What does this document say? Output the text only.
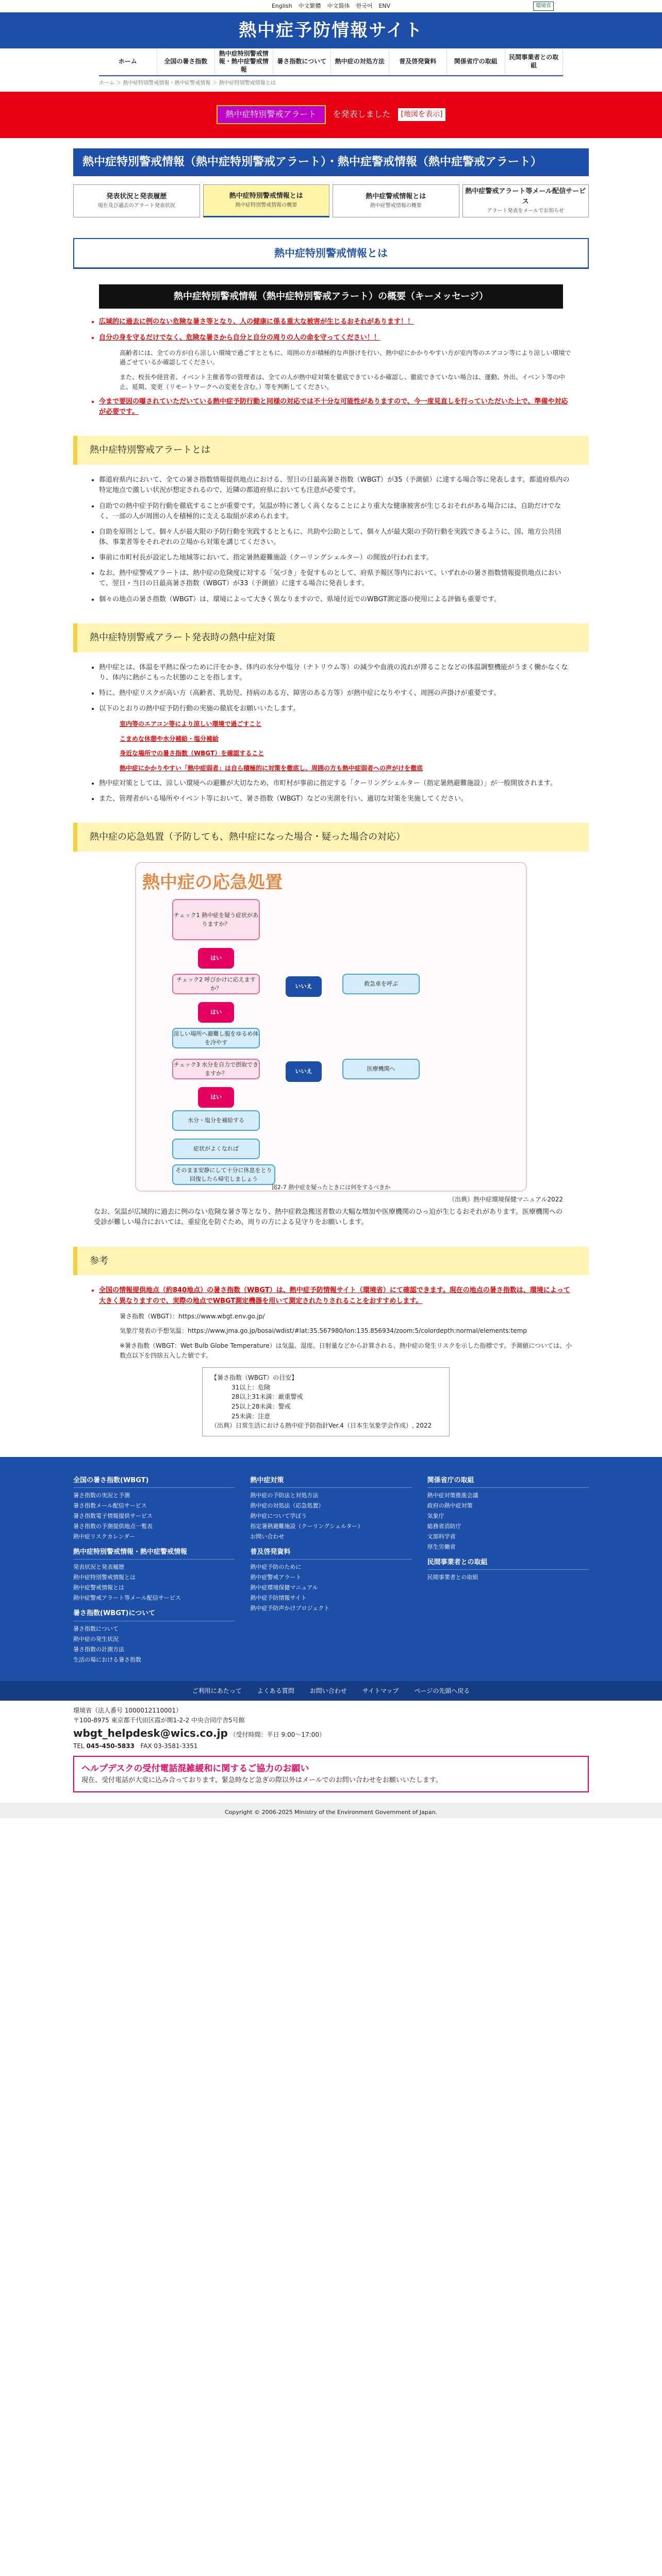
English 中文繁體 中文简体 한국어 ENV	環境省
熱中症予防情報サイト
ホーム	全国の暑さ指数
熱中症特別警戒情報・熱中症警戒情報
暑さ指数について	熱中症の対処方法	普及啓発資料	関係省庁の取組
民間事業者との取組
ホーム ＞ 熱中症特別警戒情報・熱中症警戒情報 ＞ 熱中症特別警戒情報とは
熱中症特別警戒アラート	を発表しました	[地図を表示]
熱中症特別警戒情報（熱中症特別警戒アラート）・熱中症警戒情報（熱中症警戒アラート）
発表状況と発表履歴
現在及び過去のアラート発表状況
熱中症特別警戒情報とは
熱中症特別警戒情報の概要
熱中症警戒情報とは
熱中症警戒情報の概要
熱中症警戒アラート等メール配信サービス
アラート発表をメールでお知らせ
熱中症特別警戒情報とは
熱中症特別警戒情報（熱中症特別警戒アラート）の概要（キーメッセージ）
• 広域的に過去に例のない危険な暑さ等となり、人の健康に係る重大な被害が生じるおそれがあります！！
• 自分の身を守るだけでなく、危険な暑さから自分と自分の周りの人の命を守ってください！！
高齢者には、全ての方が自ら涼しい環境で過ごすとともに、周囲の方が積極的な声掛けを行い、熱中症にかかりやすい方が室内等のエアコン等により涼しい環境で過ごせているか確認してください。
また、校長や経営者、イベント主催者等の管理者は、全ての人が熱中症対策を徹底できているか確認し、徹底できていない場合は、運動、外出、イベント等の中止、延期、変更（リモートワークへの変更を含む。）等を判断してください。
• 今まで要因の曝されていただいている熱中症予防行動と同様の対応では不十分な可能性がありますので、今一度見直しを行っていただいた上で、準備や対応が必要です。
熱中症特別警戒アラートとは
• 都道府県内において、全ての暑さ指数情報提供地点における、翌日の日最高暑さ指数（WBGT）が35（予測値）に達する場合等に発表します。都道府県内の特定地点で激しい状況が想定されるので、近隣の都道府県においても注意が必要です。
• 自助での熱中症予防行動を徹底することが重要です。気温が特に著しく高くなることにより重大な健康被害が生じるおそれがある場合には、自助だけでなく、一部の人が周囲の人を積極的に支える取組が求められます。
• 自助を原則として、個々人が最大限の予防行動を実践するとともに、共助や公助として、個々人が最大限の予防行動を実践できるように、国、地方公共団体、事業者等をそれぞれの立場から対策を講じてください。
• 事前に市町村長が設定した地域等において、指定暑熱避難施設（クーリングシェルター）の開放が行われます。
• なお、熱中症警戒アラートは、熱中症の危険度に対する「気づき」を促すものとして、府県予報区等内において、いずれかの暑さ指数情報提供地点において、翌日・当日の日最高暑さ指数（WBGT）が33（予測値）に達する場合に発表します。
• 個々の地点の暑さ指数（WBGT）は、環境によって大きく異なりますので、県境付近でのWBGT測定器の使用による評価も重要です。
熱中症特別警戒アラート発表時の熱中症対策
• 熱中症とは、体温を平熱に保つために汗をかき、体内の水分や塩分（ナトリウム等）の減少や血液の流れが滞ることなどの体温調整機能がうまく働かなくなり、体内に熱がこもった状態のことを指します。
• 特に、熱中症リスクが高い方（高齢者、乳幼児、持病のある方、障害のある方等）が熱中症になりやすく、周囲の声掛けが重要です。
• 以下のとおりの熱中症予防行動の実施の徹底をお願いいたします。
室内等のエアコン等により涼しい環境で過ごすこと
こまめな休憩や水分補給・塩分補給
身近な場所での暑さ指数（WBGT）を確認すること
熱中症にかかりやすい「熱中症弱者」は自ら積極的に対策を徹底し、周囲の方も熱中症弱者への声がけを徹底
• 熱中症対策としては、涼しい環境への避難が大切なため、市町村が事前に指定する「クーリングシェルター（指定暑熱避難施設）」が一般開放されます。
• また、管理者がいる場所やイベント等において、暑さ指数（WBGT）などの実測を行い、適切な対策を実施してください。
熱中症の応急処置（予防しても、熱中症になった場合・疑った場合の対応）
熱中症の応急処置
チェック1 熱中症を疑う症状がありますか？
はい
チェック2 呼びかけに応えますか？	いいえ	救急車を呼ぶ
はい
涼しい場所へ避難し服をゆるめ体を冷やす
チェック3 水分を自力で摂取できますか？	いいえ	医療機関へ
はい
水分・塩分を補給する
症状がよくなれば
そのまま安静にして十分に休息をとり回復したら帰宅しましょう
図2-7 熱中症を疑ったときには何をするべきか
（出典）熱中症環境保健マニュアル2022

なお、気温が広域的に過去に例のない危険な暑さ等となり、熱中症救急搬送者数の大幅な増加や医療機関のひっ迫が生じるおそれがあります。医療機関への受診が難しい場合においては、重症化を防ぐため、周りの方による見守りをお願いします。

参考
• 全国の情報提供地点（約840地点）の暑さ指数（WBGT）は、熱中症予防情報サイト（環境省）にて確認できます。現在の地点の暑さ指数は、環境によって大きく異なりますので、実際の地点でWBGT測定機器を用いて測定されたりされることをおすすめします。
暑さ指数（WBGT）：https://www.wbgt.env.go.jp/
気象庁発表の予想気温：https://www.jma.go.jp/bosai/wdist/#lat:35.567980/lon:135.856934/zoom:5/colordepth:normal/elements:temp
※暑さ指数（WBGT：Wet Bulb Globe Temperature）は気温、湿度、日射量などから計算される、熱中症の発生リスクを示した指標です。予測値については、小数点以下を四捨五入した値です。
【暑さ指数（WBGT）の目安】
31以上：危険
28以上31未満：厳重警戒
25以上28未満：警戒
25未満：注意
（出典）日常生活における熱中症予防指針Ver.4（日本生気象学会作成）, 2022
全国の暑さ指数(WBGT)
暑さ指数の実況と予測
暑さ指数メール配信サービス
暑さ指数電子情報提供サービス
暑さ指数の予測提供地点一覧表
熱中症リスクカレンダー
熱中症特別警戒情報・熱中症警戒情報
発表状況と発表履歴
熱中症特別警戒情報とは
熱中症警戒情報とは
熱中症警戒アラート等メール配信サービス
暑さ指数(WBGT)について
暑さ指数について
熱中症の発生状況
暑さ指数の計測方法
生活の場における暑さ指数
熱中症対策
熱中症の予防法と対処方法
熱中症の対処法（応急処置）
熱中症について学ぼう
指定暑熱避難施設（クーリングシェルター）
お問い合わせ
普及啓発資料
熱中症予防のために
熱中症警戒アラート
熱中症環境保健マニュアル
熱中症予防情報サイト
熱中症予防声かけプロジェクト
関係省庁の取組
熱中症対策推進会議
政府の熱中症対策
気象庁
総務省消防庁
文部科学省
厚生労働省
民間事業者との取組
民間事業者との取組
ご利用にあたって	よくある質問	お問い合わせ	サイトマップ	ページの先頭へ戻る
環境省（法人番号 1000012110001）
〒100-8975 東京都千代田区霞が関1-2-2 中央合同庁舎5号館
wbgt_helpdesk@wics.co.jp （受付時間：平日 9:00～17:00）
TEL 045-450-5833 FAX 03-3581-3351
ヘルプデスクの受付電話混雑緩和に関するご協力のお願い

現在、受付電話が大変に込み合っております。緊急時など急ぎの際以外はメールでのお問い合わせをお願いいたします。

Copyright © 2006-2025 Ministry of the Environment Government of Japan.
